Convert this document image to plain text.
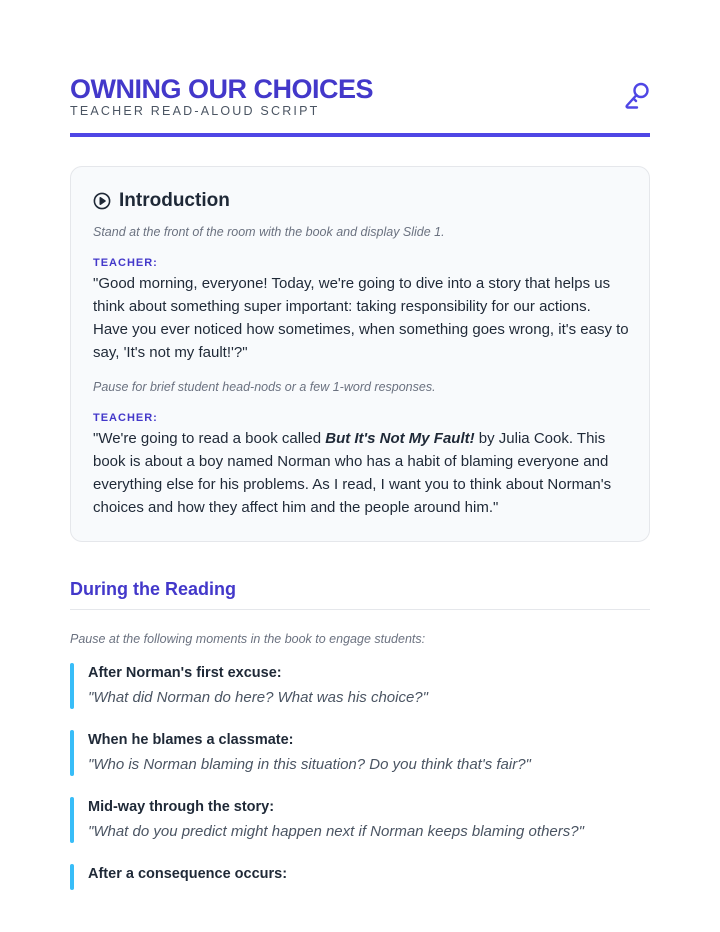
OWNING OUR CHOICES
TEACHER READ-ALOUD SCRIPT
Introduction
Stand at the front of the room with the book and display Slide 1.
TEACHER:

"Good morning, everyone! Today, we're going to dive into a story that helps us think about something super important: taking responsibility for our actions. Have you ever noticed how sometimes, when something goes wrong, it's easy to say, 'It's not my fault!'?"

Pause for brief student head-nods or a few 1-word responses.
TEACHER:

"We're going to read a book called But It's Not My Fault! by Julia Cook. This book is about a boy named Norman who has a habit of blaming everyone and everything else for his problems. As I read, I want you to think about Norman's choices and how they affect him and the people around him."

During the Reading
Pause at the following moments in the book to engage students:
After Norman's first excuse:
"What did Norman do here? What was his choice?"
When he blames a classmate:
"Who is Norman blaming in this situation? Do you think that's fair?"
Mid-way through the story:
"What do you predict might happen next if Norman keeps blaming others?"
After a consequence occurs:
